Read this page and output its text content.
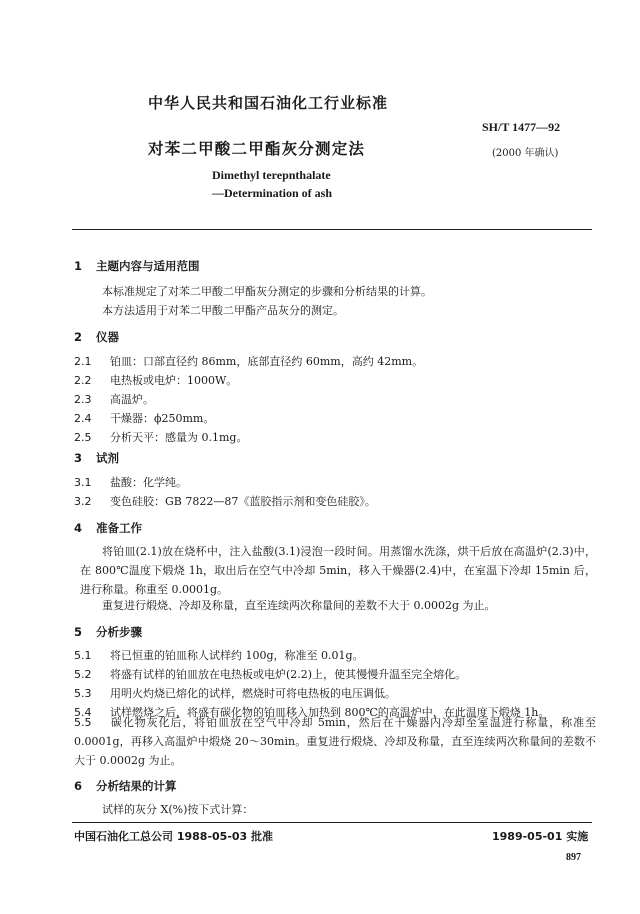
中华人民共和国石油化工行业标准
SH/T 1477—92
(2000 年确认)
对苯二甲酸二甲酯灰分测定法
Dimethyl terepnthalate
—Determination of ash
1 主题内容与适用范围
本标准规定了对苯二甲酸二甲酯灰分测定的步骤和分析结果的计算。
本方法适用于对苯二甲酸二甲酯产品灰分的测定。
2 仪器
2.1 铂皿：口部直径约 86mm，底部直径约 60mm，高约 42mm。
2.2 电热板或电炉：1000W。
2.3 高温炉。
2.4 干燥器：ϕ250mm。
2.5 分析天平：感量为 0.1mg。
3 试剂
3.1 盐酸：化学纯。
3.2 变色硅胶：GB 7822—87《蓝胶指示剂和变色硅胶》。
4 准备工作
将铂皿(2.1)放在烧杯中，注入盐酸(3.1)浸泡一段时间。用蒸馏水洗涤，烘干后放在高温炉(2.3)中，在 800℃温度下煅烧 1h，取出后在空气中冷却 5min，移入干燥器(2.4)中，在室温下冷却 15min 后，进行称量。称重至 0.0001g。
重复进行煅烧、冷却及称量，直至连续两次称量间的差数不大于 0.0002g 为止。
5 分析步骤
5.1 将已恒重的铂皿称人试样约 100g，称准至 0.01g。
5.2 将盛有试样的铂皿放在电热板或电炉(2.2)上，使其慢慢升温至完全熔化。
5.3 用明火灼烧已熔化的试样，燃烧时可将电热板的电压调低。
5.4 试样燃烧之后，将盛有碳化物的铂皿移入加热到 800℃的高温炉中，在此温度下煅烧 1h。
5.5 碳化物灰化后，将铂皿放在空气中冷却 5min，然后在干燥器内冷却至室温进行称量，称准至 0.0001g，再移入高温炉中煅烧 20～30min。重复进行煅烧、冷却及称量，直至连续两次称量间的差数不大于 0.0002g 为止。
6 分析结果的计算
试样的灰分 X(%)按下式计算：
中国石油化工总公司 1988-05-03 批准	1989-05-01 实施
897
